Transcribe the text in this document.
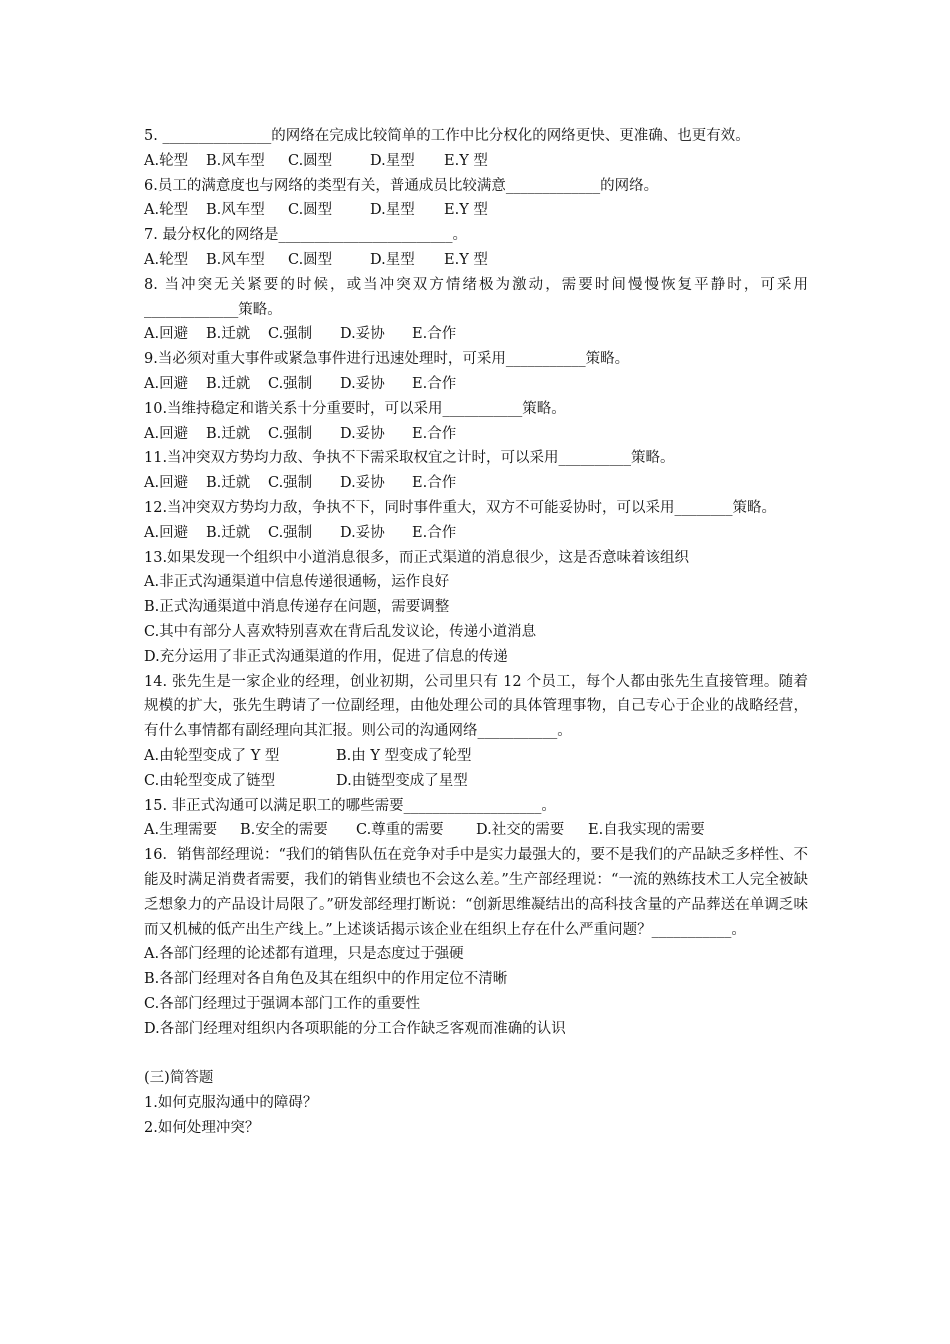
5. _______________的网络在完成比较简单的工作中比分权化的网络更快、更准确、也更有效。
A.轮型 B.风车型 C.圆型	D.星型 E.Y 型
6.员工的满意度也与网络的类型有关，普通成员比较满意_____________的网络。
A.轮型 B.风车型 C.圆型	D.星型 E.Y 型
7. 最分权化的网络是________________________。
A.轮型 B.风车型 C.圆型	D.星型 E.Y 型
8. 当冲突无关紧要的时候，或当冲突双方情绪极为激动，需要时间慢慢恢复平静时，可采用_____________策略。
A.回避 B.迁就 C.强制 D.妥协 E.合作
9.当必须对重大事件或紧急事件进行迅速处理时，可采用___________策略。
A.回避 B.迁就 C.强制 D.妥协 E.合作
10.当维持稳定和谐关系十分重要时，可以采用___________策略。
A.回避 B.迁就 C.强制 D.妥协 E.合作
11.当冲突双方势均力敌、争执不下需采取权宜之计时，可以采用__________策略。
A.回避 B.迁就 C.强制 D.妥协 E.合作
12.当冲突双方势均力敌，争执不下，同时事件重大，双方不可能妥协时，可以采用________策略。
A.回避 B.迁就 C.强制 D.妥协 E.合作
13.如果发现一个组织中小道消息很多，而正式渠道的消息很少，这是否意味着该组织
A.非正式沟通渠道中信息传递很通畅，运作良好
B.正式沟通渠道中消息传递存在问题，需要调整
C.其中有部分人喜欢特别喜欢在背后乱发议论，传递小道消息
D.充分运用了非正式沟通渠道的作用，促进了信息的传递
14. 张先生是一家企业的经理，创业初期，公司里只有 12 个员工，每个人都由张先生直接管理。随着规模的扩大，张先生聘请了一位副经理，由他处理公司的具体管理事物，自己专心于企业的战略经营，有什么事情都有副经理向其汇报。则公司的沟通网络___________。
A.由轮型变成了 Y 型	B.由 Y 型变成了轮型
C.由轮型变成了链型	D.由链型变成了星型
15. 非正式沟通可以满足职工的哪些需要___________________。
A.生理需要 B.安全的需要 C.尊重的需要 D.社交的需要 E.自我实现的需要
16．销售部经理说：“我们的销售队伍在竞争对手中是实力最强大的，要不是我们的产品缺乏多样性、不能及时满足消费者需要，我们的销售业绩也不会这么差。”生产部经理说：“一流的熟练技术工人完全被缺乏想象力的产品设计局限了。”研发部经理打断说：“创新思维凝结出的高科技含量的产品葬送在单调乏味而又机械的低产出生产线上。”上述谈话揭示该企业在组织上存在什么严重问题？___________。
A.各部门经理的论述都有道理，只是态度过于强硬
B.各部门经理对各自角色及其在组织中的作用定位不清晰
C.各部门经理过于强调本部门工作的重要性
D.各部门经理对组织内各项职能的分工合作缺乏客观而准确的认识
(三)简答题
1.如何克服沟通中的障碍？
2.如何处理冲突？
